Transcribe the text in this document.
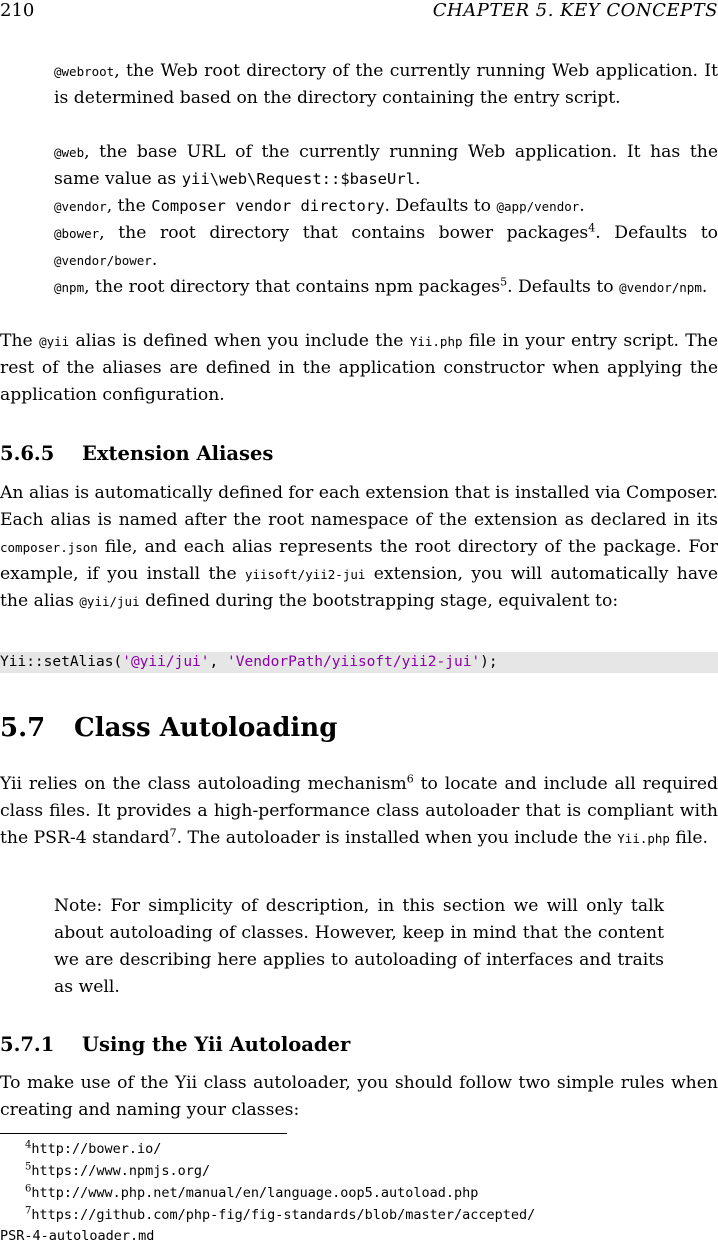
210	CHAPTER 5. KEY CONCEPTS
@webroot, the Web root directory of the currently running Web application. It is determined based on the directory containing the entry script.
@web, the base URL of the currently running Web application. It has the same value as yii\web\Request::$baseUrl.
@vendor, the Composer vendor directory. Defaults to @app/vendor.
@bower, the root directory that contains bower packages$^4$. Defaults to @vendor/bower.
@npm, the root directory that contains npm packages$^5$. Defaults to @vendor/npm.
The @yii alias is defined when you include the Yii.php file in your entry script. The rest of the aliases are defined in the application constructor when applying the application configuration.
5.6.5 Extension Aliases
An alias is automatically defined for each extension that is installed via Composer. Each alias is named after the root namespace of the extension as declared in its composer.json file, and each alias represents the root directory of the package. For example, if you install the yiisoft/yii2-jui extension, you will automatically have the alias @yii/jui defined during the bootstrapping stage, equivalent to:
Yii::setAlias('@yii/jui', 'VendorPath/yiisoft/yii2-jui');
5.7 Class Autoloading
Yii relies on the class autoloading mechanism$^6$ to locate and include all required class files. It provides a high-performance class autoloader that is compliant with the PSR-4 standard$^7$. The autoloader is installed when you include the Yii.php file.
Note: For simplicity of description, in this section we will only talk about autoloading of classes. However, keep in mind that the content we are describing here applies to autoloading of interfaces and traits as well.
5.7.1 Using the Yii Autoloader
To make use of the Yii class autoloader, you should follow two simple rules when creating and naming your classes:
$^4$http://bower.io/
$^5$https://www.npmjs.org/
$^6$http://www.php.net/manual/en/language.oop5.autoload.php
$^7$https://github.com/php-fig/fig-standards/blob/master/accepted/
PSR-4-autoloader.md
